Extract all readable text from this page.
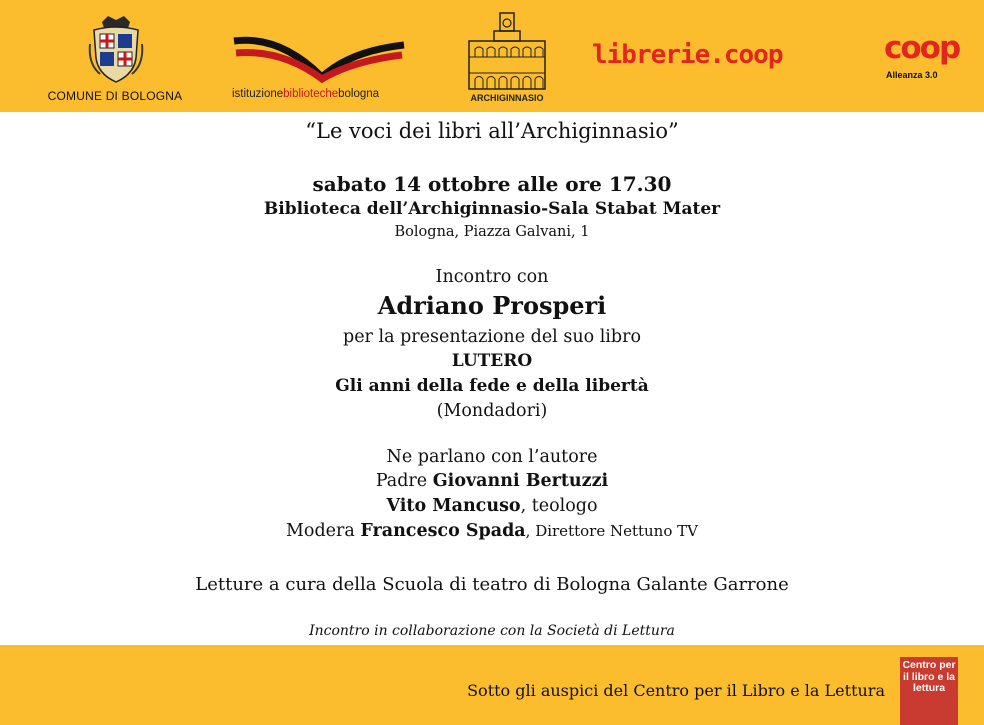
COMUNE DI BOLOGNA	istituzionebibliotechebologna	ARCHIGINNASIO
librerie.coop	coop
Alleanza 3.0
“Le voci dei libri all’Archiginnasio”
sabato 14 ottobre alle ore 17.30
Biblioteca dell’Archiginnasio-Sala Stabat Mater
Bologna, Piazza Galvani, 1
Incontro con
Adriano Prosperi
per la presentazione del suo libro
LUTERO
Gli anni della fede e della libertà
(Mondadori)
Ne parlano con l’autore
Padre Giovanni Bertuzzi
Vito Mancuso, teologo
Modera Francesco Spada, Direttore Nettuno TV
Letture a cura della Scuola di teatro di Bologna Galante Garrone
Incontro in collaborazione con la Società di Lettura
Sotto gli auspici del Centro per il Libro e la Lettura
Centro per il libro e la lettura
